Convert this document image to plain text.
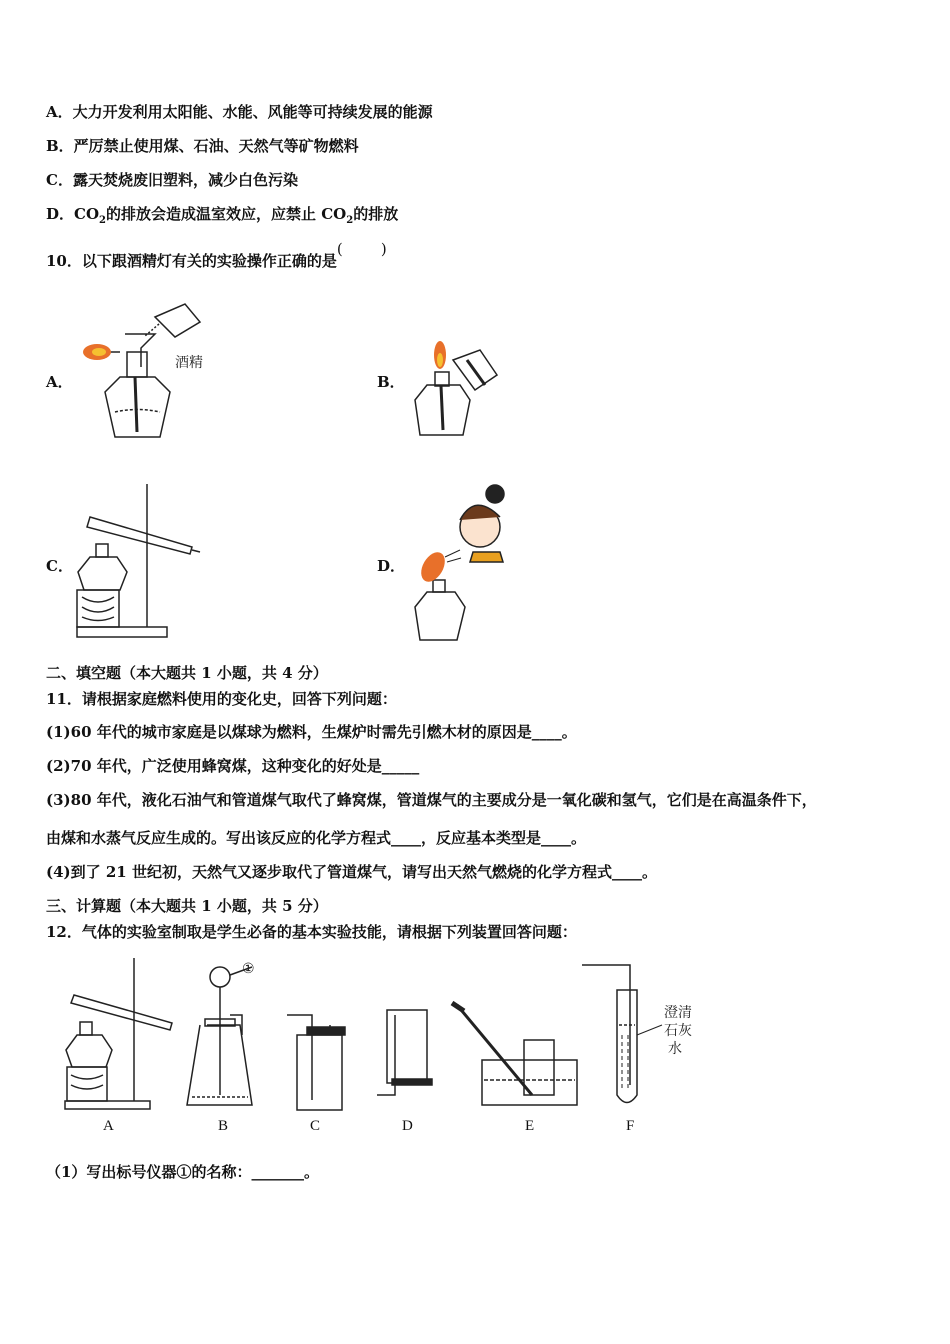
A．大力开发利用太阳能、水能、风能等可持续发展的能源
B．严厉禁止使用煤、石油、天然气等矿物燃料
C．露天焚烧废旧塑料，减少白色污染
D．$CO_2$的排放会造成温室效应，应禁止 $CO_2$的排放
10．以下跟酒精灯有关的实验操作正确的是(        )
A．	B．
C．	D．
酒精
二、填空题（本大题共 1 小题，共 4 分）
11．请根据家庭燃料使用的变化史，回答下列问题：
(1)60 年代的城市家庭是以煤球为燃料，生煤炉时需先引燃木材的原因是____。
(2)70 年代，广泛使用蜂窝煤，这种变化的好处是_____
(3)80 年代，液化石油气和管道煤气取代了蜂窝煤，管道煤气的主要成分是一氧化碳和氢气，它们是在高温条件下，
由煤和水蒸气反应生成的。写出该反应的化学方程式____，反应基本类型是____。
(4)到了 21 世纪初，天然气又逐步取代了管道煤气，请写出天然气燃烧的化学方程式____。
三、计算题（本大题共 1 小题，共 5 分）
12．气体的实验室制取是学生必备的基本实验技能，请根据下列装置回答问题：
①
澄清
石灰
水
A	B	C	D	E	F
（1）写出标号仪器①的名称：_______。
